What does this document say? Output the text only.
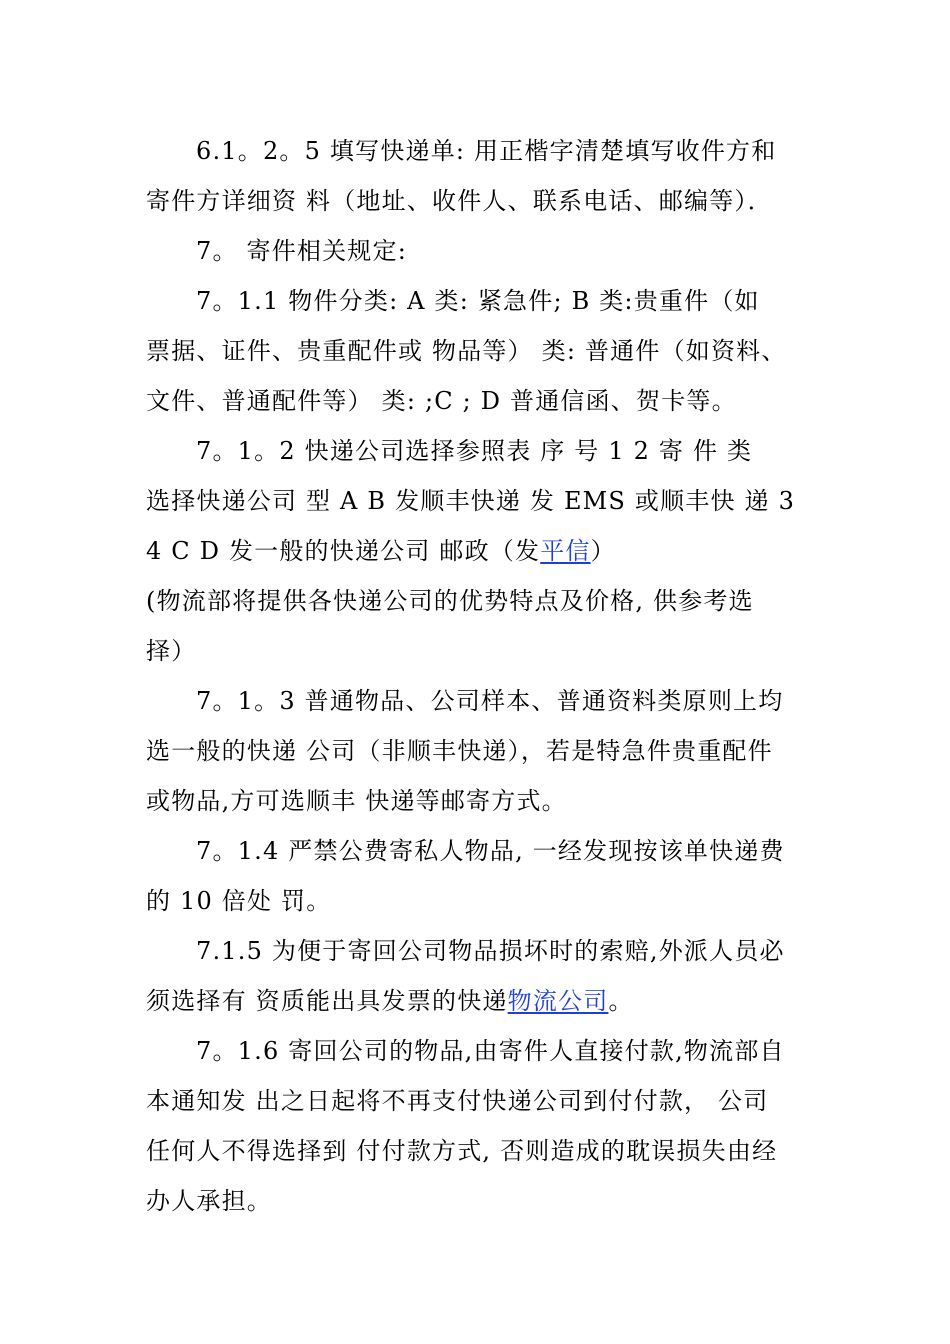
6.1。2。5 填写快递单: 用正楷字清楚填写收件方和
寄件方详细资 料（地址、收件人、联系电话、邮编等）．
7。 寄件相关规定:
7。1.1 物件分类: A 类: 紧急件; B 类:贵重件（如
票据、证件、贵重配件或 物品等） 类: 普通件（如资料、
文件、普通配件等） 类: ;C ; D 普通信函、贺卡等。
7。1。2 快递公司选择参照表 序 号 1 2 寄 件 类
选择快递公司 型 A B 发顺丰快递 发 EMS 或顺丰快 递 3
4 C D 发一般的快递公司 邮政（发平信）
(物流部将提供各快递公司的优势特点及价格, 供参考选
择）
7。1。3 普通物品、公司样本、普通资料类原则上均
选一般的快递 公司（非顺丰快递），若是特急件贵重配件
或物品,方可选顺丰 快递等邮寄方式。
7。1.4 严禁公费寄私人物品, 一经发现按该单快递费
的 10 倍处 罚。
7.1.5 为便于寄回公司物品损坏时的索赔,外派人员必
须选择有 资质能出具发票的快递物流公司。
7。1.6 寄回公司的物品,由寄件人直接付款,物流部自
本通知发 出之日起将不再支付快递公司到付付款， 公司
任何人不得选择到 付付款方式, 否则造成的耽误损失由经
办人承担。
